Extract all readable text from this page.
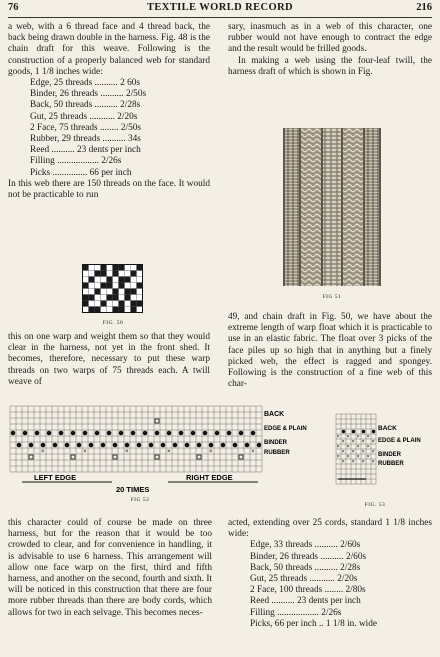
76	TEXTILE WORLD RECORD	216

a web, with a 6 thread face and 4 thread back, the back being drawn double in the harness. Fig. 48 is the chain draft for this weave. Following is the construction of a properly balanced web for standard goods, 1 1/8 inches wide:

Edge, 25 threads .......... 2 60s
Binder, 26 threads .......... 2/50s
Back, 50 threads .......... 2/28s
Gut, 25 threads ........... 2/20s
2 Face, 75 threads ........ 2/50s
Rubber, 29 threads .......... 34s
Reed .......... 23 dents per inch
Filling .................. 2/26s
Picks ............... 66 per inch

In this web there are 150 threads on the face. It would not be practicable to run

FIG. 50

this on one warp and weight them so that they would clear in the harness, not yet in the front shed. It becomes, therefore, necessary to put these warp threads on two warps of 75 threads each. A twill weave of

sary, inasmuch as in a web of this character, one rubber would not have enough to contract the edge and the result would be frilled goods.

In making a web using the four-leaf twill, the harness draft of which is shown in Fig.

FIG 51

49, and chain draft in Fig. 50, we have about the extreme length of warp float which it is practicable to use in an elastic fabric. The float over 3 picks of the face piles up so high that in anything but a finely picked web, the effect is ragged and spongey. Following is the construction of a fine web of this char-

×	×	×	×	×	×
BACK
EDGE & PLAIN
BINDER
RUBBER
LEFT EDGE	RIGHT EDGE
20 TIMES
FIG 52
× × × ×
× × × ×
× × × ×
× × × ×
× × × ×
× × × ×
BACK
EDGE & PLAIN
BINDER
RUBBER
FIG. 53

this character could of course be made on three harness, but for the reason that it would be too crowded to clear, and for convenience in handling, it is advisable to use 6 harness. This arrangement will allow one face warp on the first, third and fifth harness, and another on the second, fourth and sixth. It will be noticed in this construction that there are four more rubber threads than there are body cords, which allows for two in each selvage. This becomes neces-

acted, extending over 25 cords, standard 1 1/8 inches wide:

Edge, 33 threads .......... 2/60s
Binder, 26 threads .......... 2/60s
Back, 50 threads .......... 2/28s
Gut, 25 threads ........... 2/20s
2 Face, 100 threads ........ 2/80s
Reed .......... 23 dents per inch
Filling .................. 2/26s
Picks, 66 per inch .. 1 1/8 in. wide
